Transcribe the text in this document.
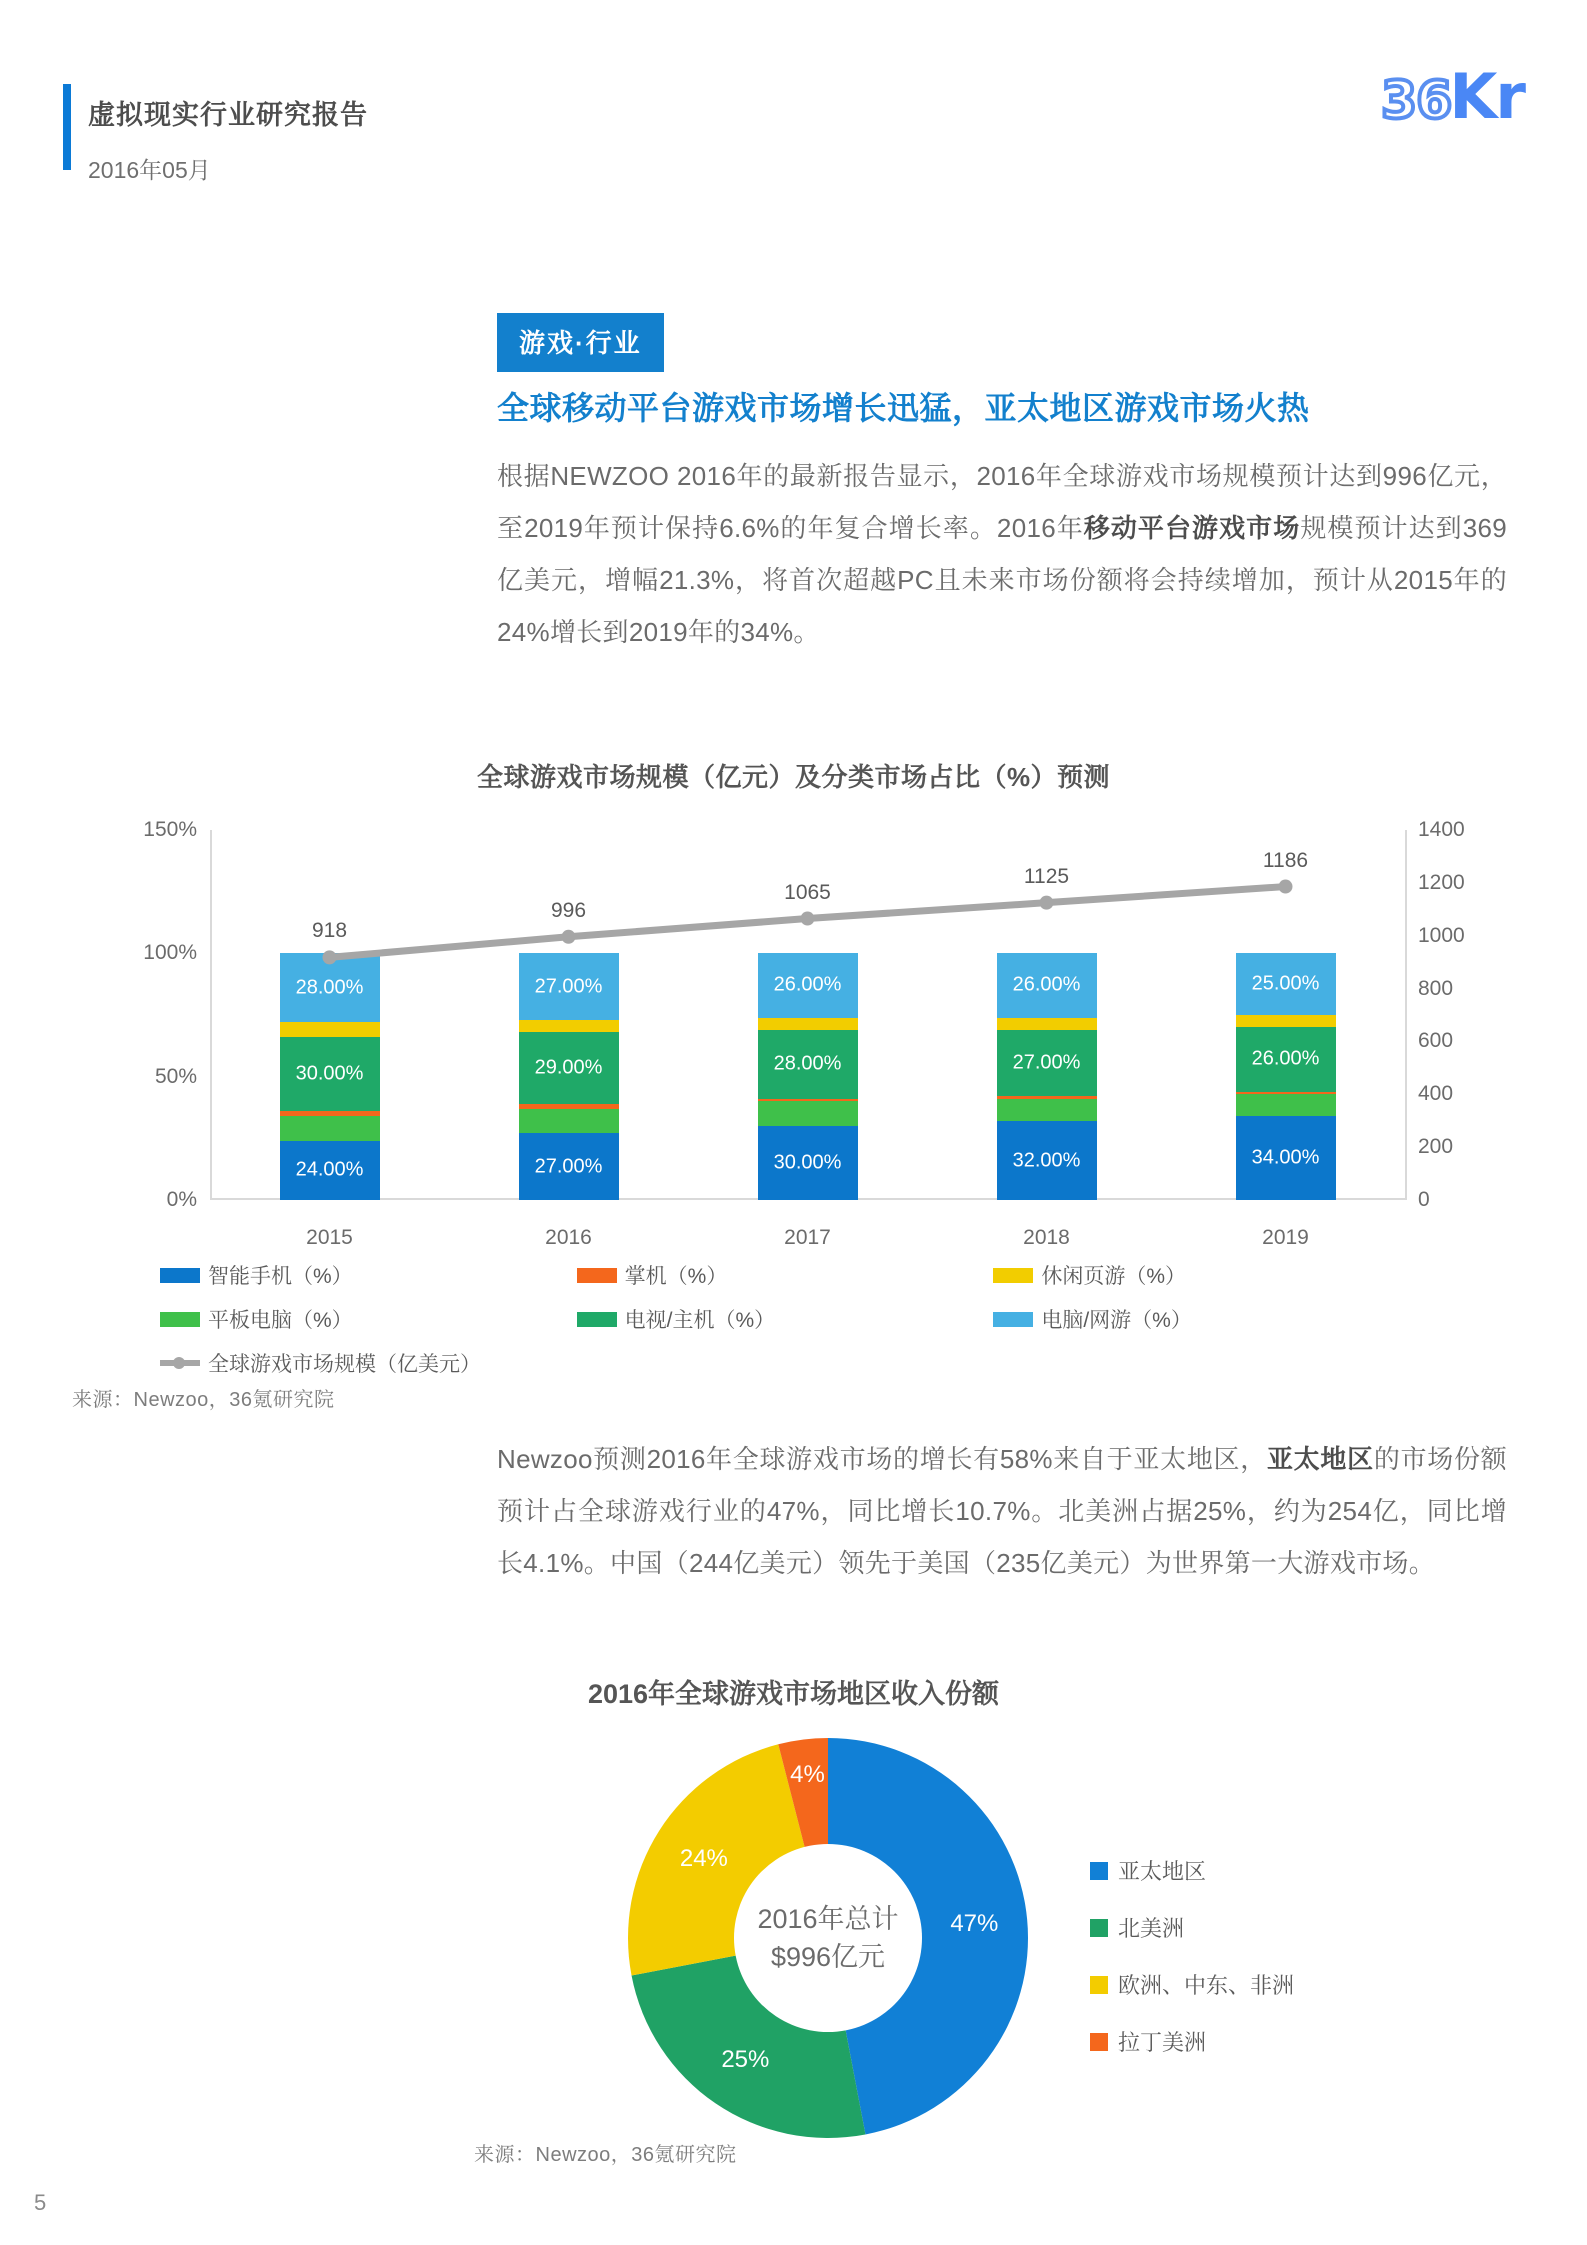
虚拟现实行业研究报告
2016年05月
36
Kr
游戏·行业
全球移动平台游戏市场增长迅猛，亚太地区游戏市场火热
根据NEWZOO 2016年的最新报告显示，2016年全球游戏市场规模预计达到996亿元，至2019年预计保持6.6%的年复合增长率。2016年移动平台游戏市场规模预计达到369亿美元，增幅21.3%，将首次超越PC且未来市场份额将会持续增加，预计从2015年的24%增长到2019年的34%。
全球游戏市场规模（亿元）及分类市场占比（%）预测
0%
50%
100%
150%
0
200
400
600
800
1000
1200
1400
24.00%
30.00%
28.00%
2015
27.00%
29.00%
27.00%
2016
30.00%
28.00%
26.00%
2017
32.00%
27.00%
26.00%
2018
34.00%
26.00%
25.00%
2019
918
996
1065
1125
1186
智能手机（%）	掌机（%）	休闲页游（%）
平板电脑（%）	电视/主机（%）	电脑/网游（%）
全球游戏市场规模（亿美元）
来源：Newzoo，36氪研究院
Newzoo预测2016年全球游戏市场的增长有58%来自于亚太地区，亚太地区的市场份额预计占全球游戏行业的47%，同比增长10.7%。北美洲占据25%，约为254亿，同比增长4.1%。中国（244亿美元）领先于美国（235亿美元）为世界第一大游戏市场。
2016年全球游戏市场地区收入份额
2016年总计
$996亿元
47%
25%
24%
4%
亚太地区
北美洲
欧洲、中东、非洲
拉丁美洲
来源：Newzoo，36氪研究院
5
